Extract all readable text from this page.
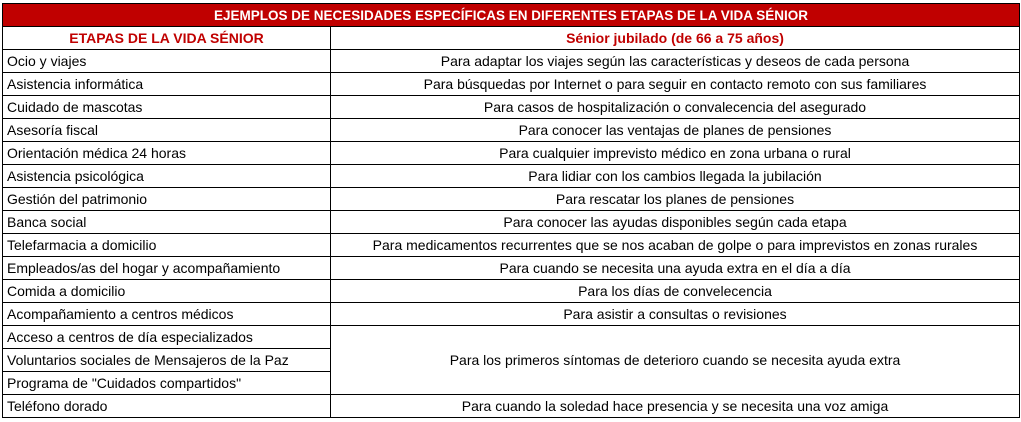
EJEMPLOS DE NECESIDADES ESPECÍFICAS EN DIFERENTES ETAPAS DE LA VIDA SÉNIOR	
ETAPAS DE LA VIDA SÉNIOR	Sénior jubilado (de 66 a 75 años)
Ocio y viajes	Para adaptar los viajes según las características y deseos de cada persona
Asistencia informática	Para búsquedas por Internet o para seguir en contacto remoto con sus familiares
Cuidado de mascotas	Para casos de hospitalización o convalecencia del asegurado
Asesoría fiscal	Para conocer las ventajas de planes de pensiones
Orientación médica 24 horas	Para cualquier imprevisto médico en zona urbana o rural
Asistencia psicológica	Para lidiar con los cambios llegada la jubilación
Gestión del patrimonio	Para rescatar los planes de pensiones
Banca social	Para conocer las ayudas disponibles según cada etapa
Telefarmacia a domicilio	Para medicamentos recurrentes que se nos acaban de golpe o para imprevistos en zonas rurales
Empleados/as del hogar y acompañamiento	Para cuando se necesita una ayuda extra en el día a día
Comida a domicilio	Para los días de convelecencia
Acompañamiento a centros médicos	Para asistir a consultas o revisiones
Acceso a centros de día especializados	Para los primeros síntomas de deterioro cuando se necesita ayuda extra
Voluntarios sociales de Mensajeros de la Paz	
Programa de "Cuidados compartidos"	
Teléfono dorado	Para cuando la soledad hace presencia y se necesita una voz amiga
